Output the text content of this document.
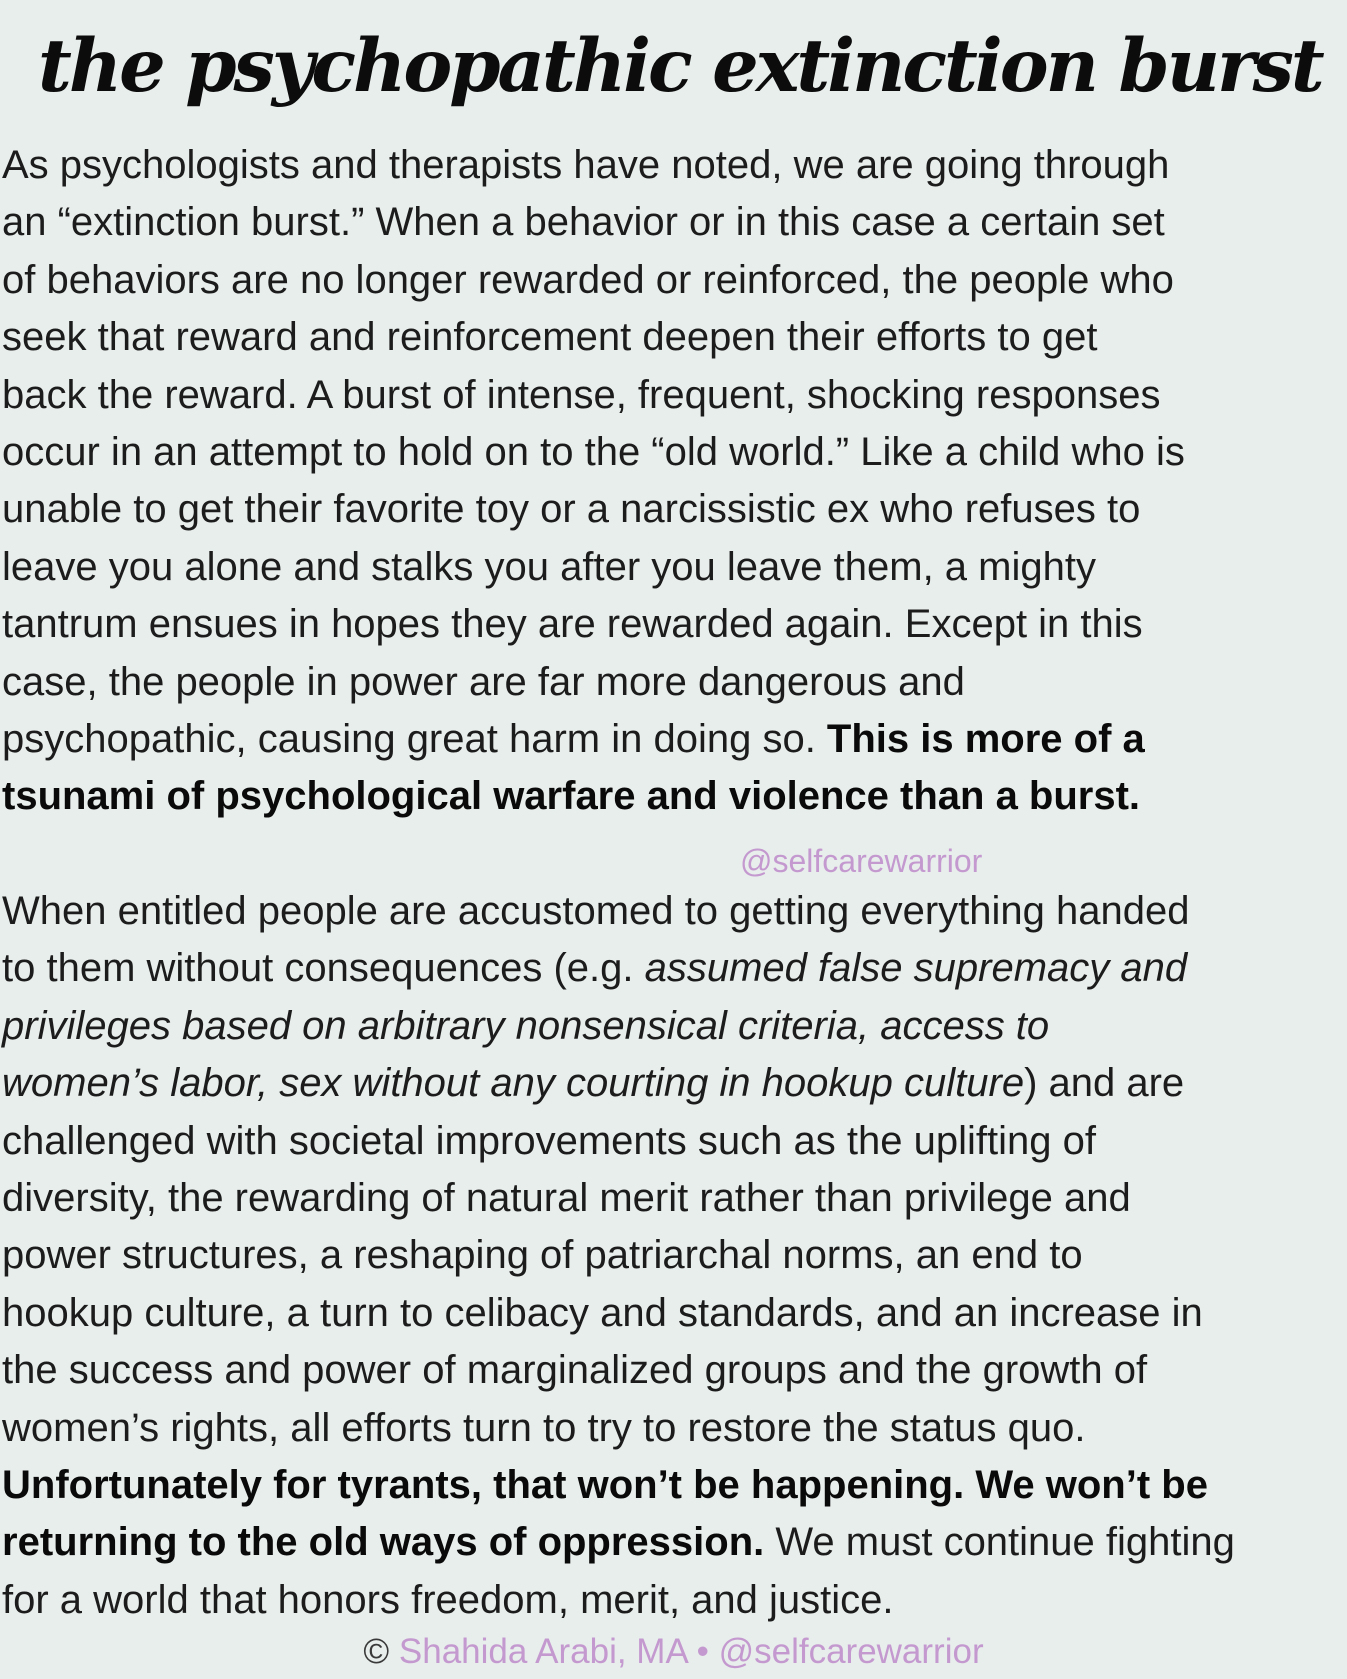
the psychopathic extinction burst

As psychologists and therapists have noted, we are going through
an “extinction burst.” When a behavior or in this case a certain set
of behaviors are no longer rewarded or reinforced, the people who
seek that reward and reinforcement deepen their efforts to get
back the reward. A burst of intense, frequent, shocking responses
occur in an attempt to hold on to the “old world.” Like a child who is
unable to get their favorite toy or a narcissistic ex who refuses to
leave you alone and stalks you after you leave them, a mighty
tantrum ensues in hopes they are rewarded again. Except in this
case, the people in power are far more dangerous and
psychopathic, causing great harm in doing so. This is more of a
tsunami of psychological warfare and violence than a burst.

@selfcarewarrior

When entitled people are accustomed to getting everything handed
to them without consequences (e.g. assumed false supremacy and
privileges based on arbitrary nonsensical criteria, access to
women’s labor, sex without any courting in hookup culture) and are
challenged with societal improvements such as the uplifting of
diversity, the rewarding of natural merit rather than privilege and
power structures, a reshaping of patriarchal norms, an end to
hookup culture, a turn to celibacy and standards, and an increase in
the success and power of marginalized groups and the growth of
women’s rights, all efforts turn to try to restore the status quo.
Unfortunately for tyrants, that won’t be happening. We won’t be
returning to the old ways of oppression. We must continue fighting
for a world that honors freedom, merit, and justice.

© Shahida Arabi, MA • @selfcarewarrior
